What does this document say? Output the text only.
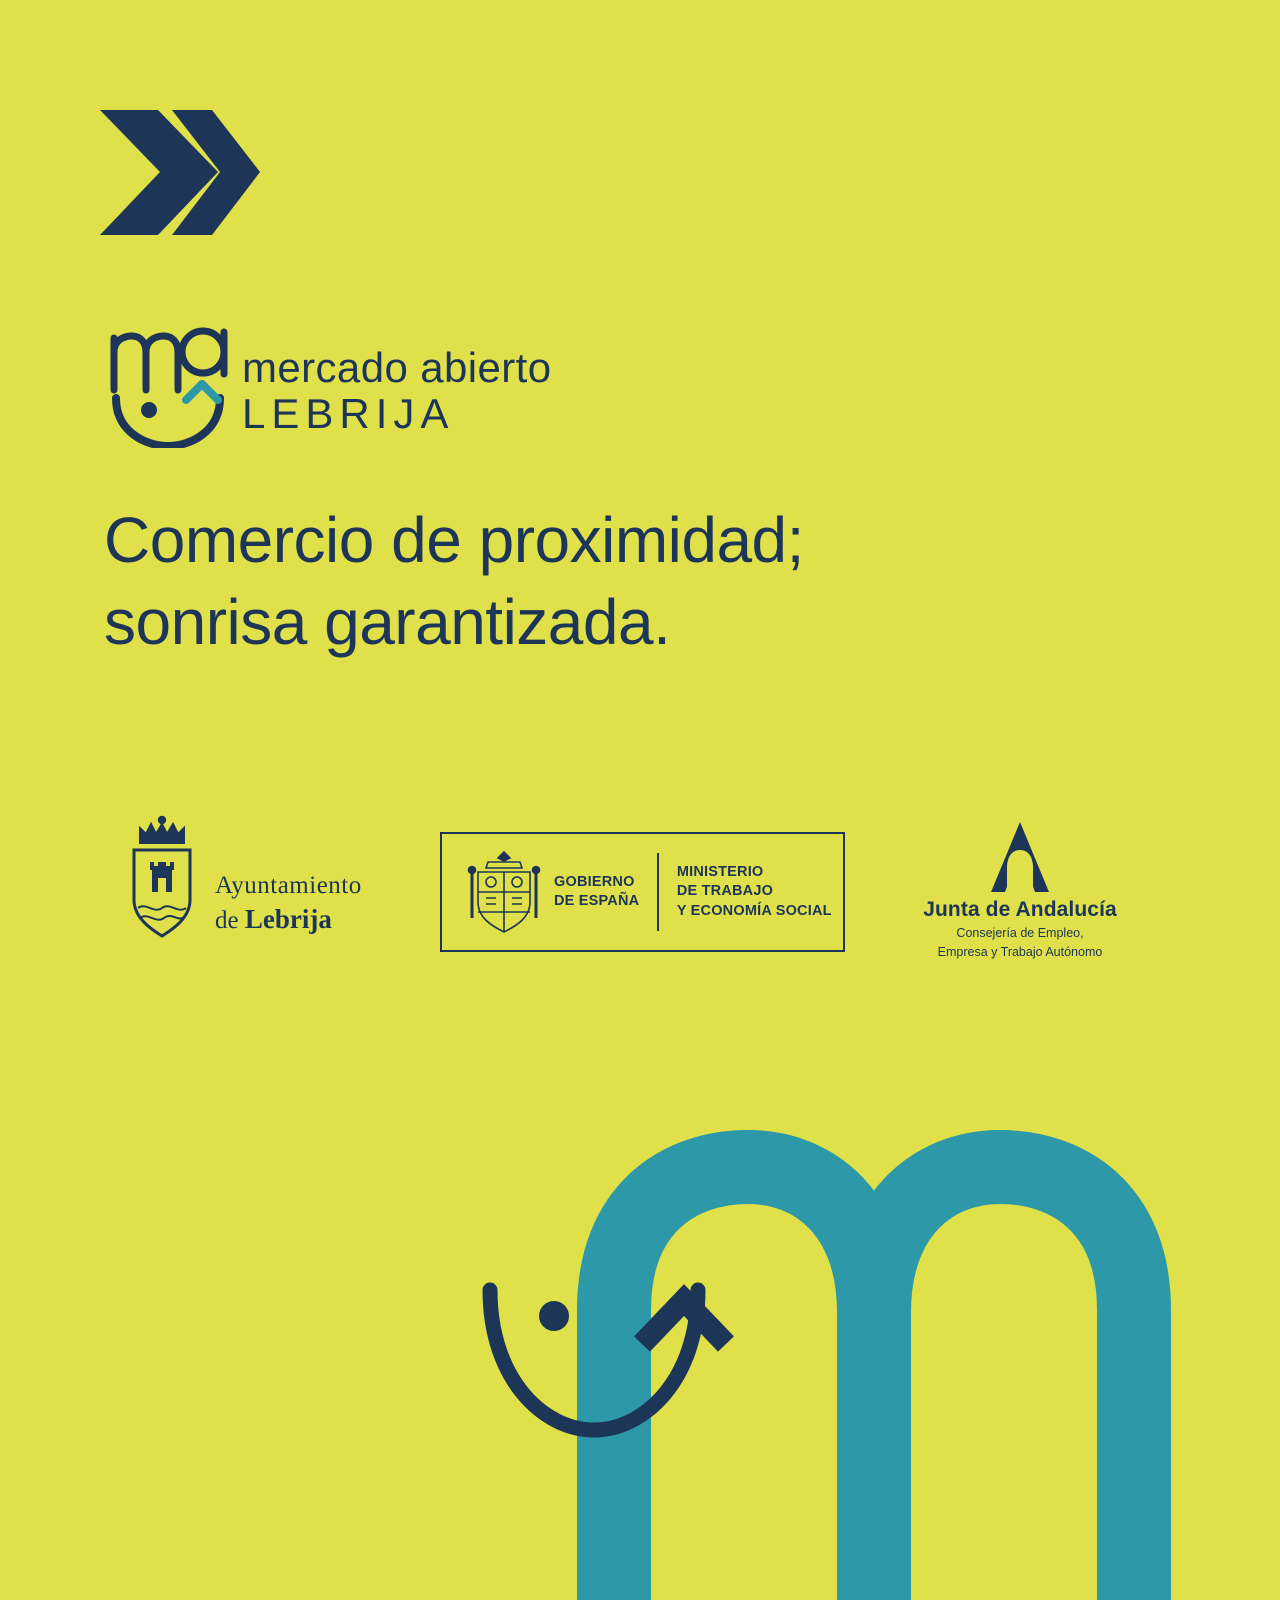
mercado abierto
LEBRIJA
Comercio de proximidad;
sonrisa garantizada.
Ayuntamiento
de Lebrija
GOBIERNO
DE ESPAÑA
MINISTERIO
DE TRABAJO
Y ECONOMÍA SOCIAL	Junta de Andalucía
Consejería de Empleo,
Empresa y Trabajo Autónomo
